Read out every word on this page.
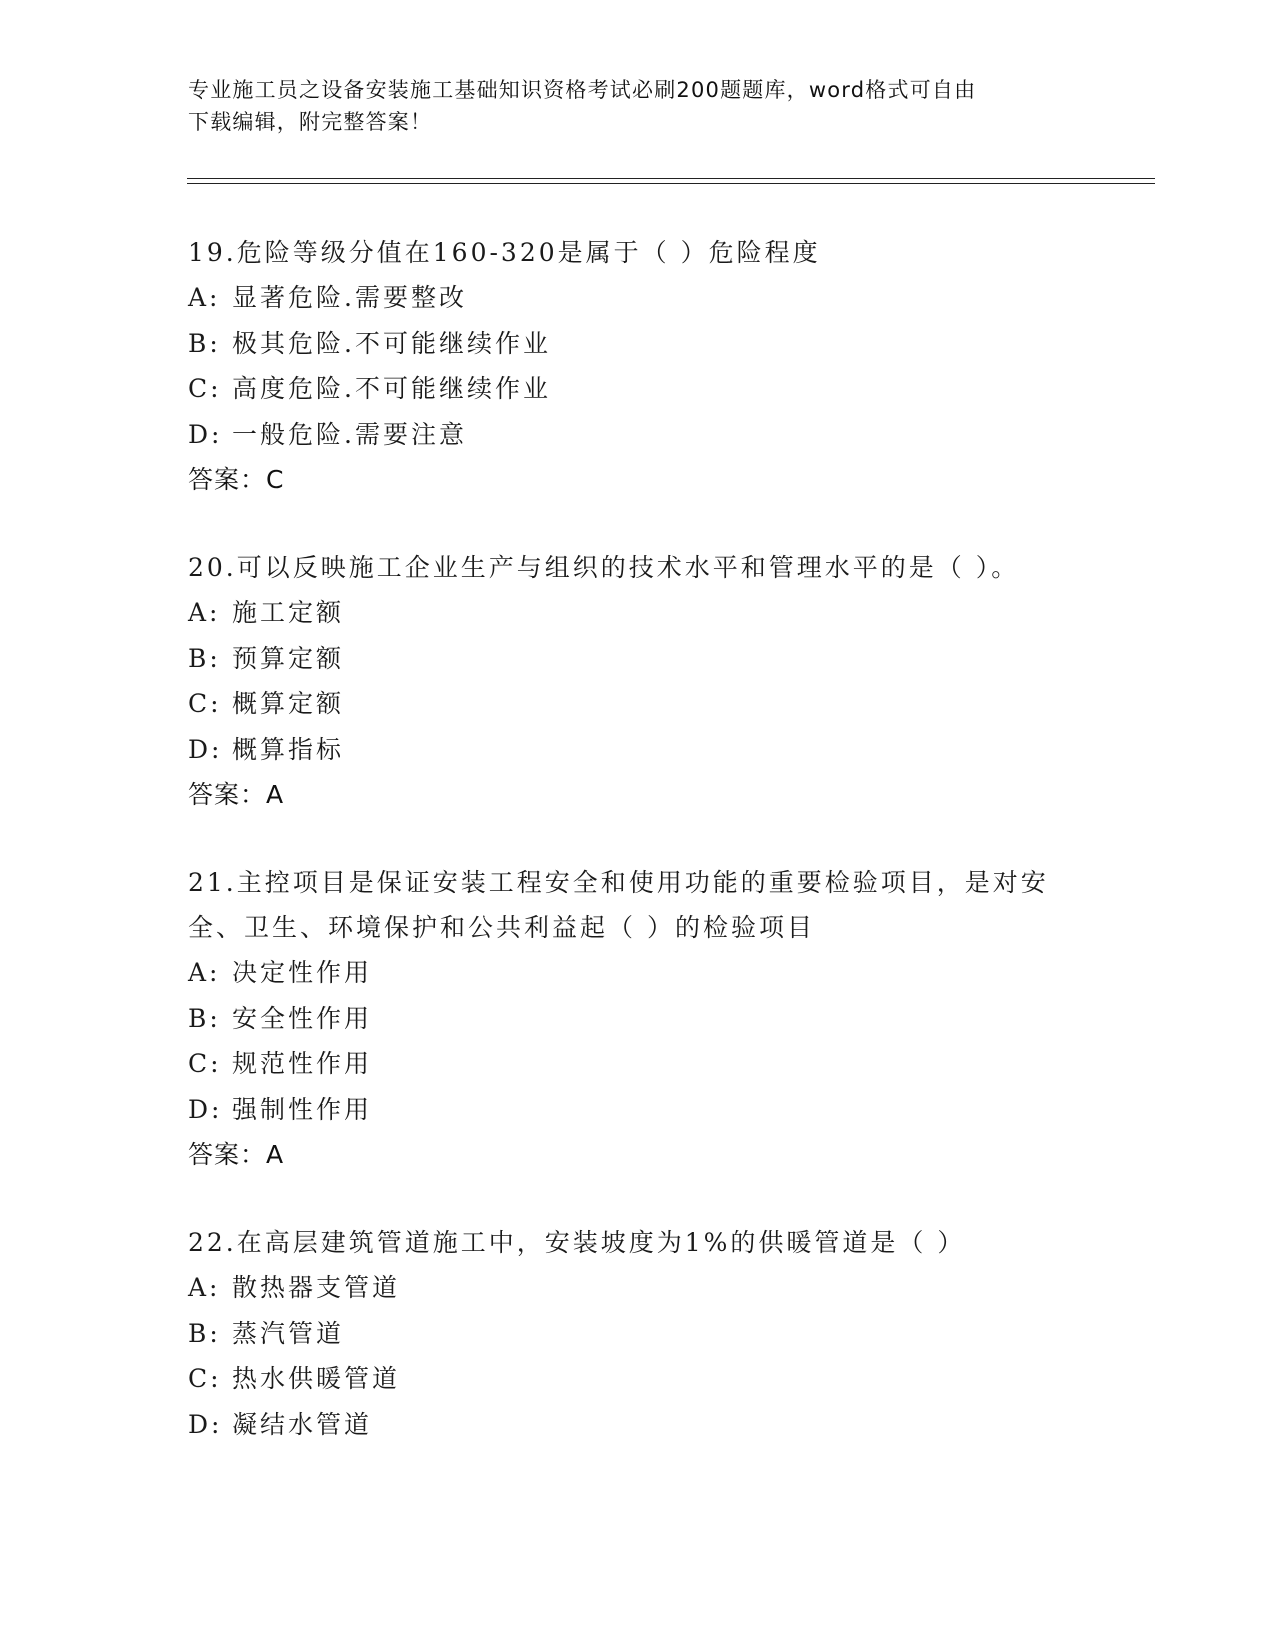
专业施工员之设备安装施工基础知识资格考试必刷200题题库，word格式可自由
下载编辑，附完整答案！
19.危险等级分值在160-320是属于（ ）危险程度
A: 显著危险.需要整改
B: 极其危险.不可能继续作业
C: 高度危险.不可能继续作业
D: 一般危险.需要注意
答案：C
20.可以反映施工企业生产与组织的技术水平和管理水平的是（ ）。
A: 施工定额
B: 预算定额
C: 概算定额
D: 概算指标
答案：A
21.主控项目是保证安装工程安全和使用功能的重要检验项目，是对安
全、卫生、环境保护和公共利益起（ ）的检验项目
A: 决定性作用
B: 安全性作用
C: 规范性作用
D: 强制性作用
答案：A
22.在高层建筑管道施工中，安装坡度为1%的供暖管道是（ ）
A: 散热器支管道
B: 蒸汽管道
C: 热水供暖管道
D: 凝结水管道
